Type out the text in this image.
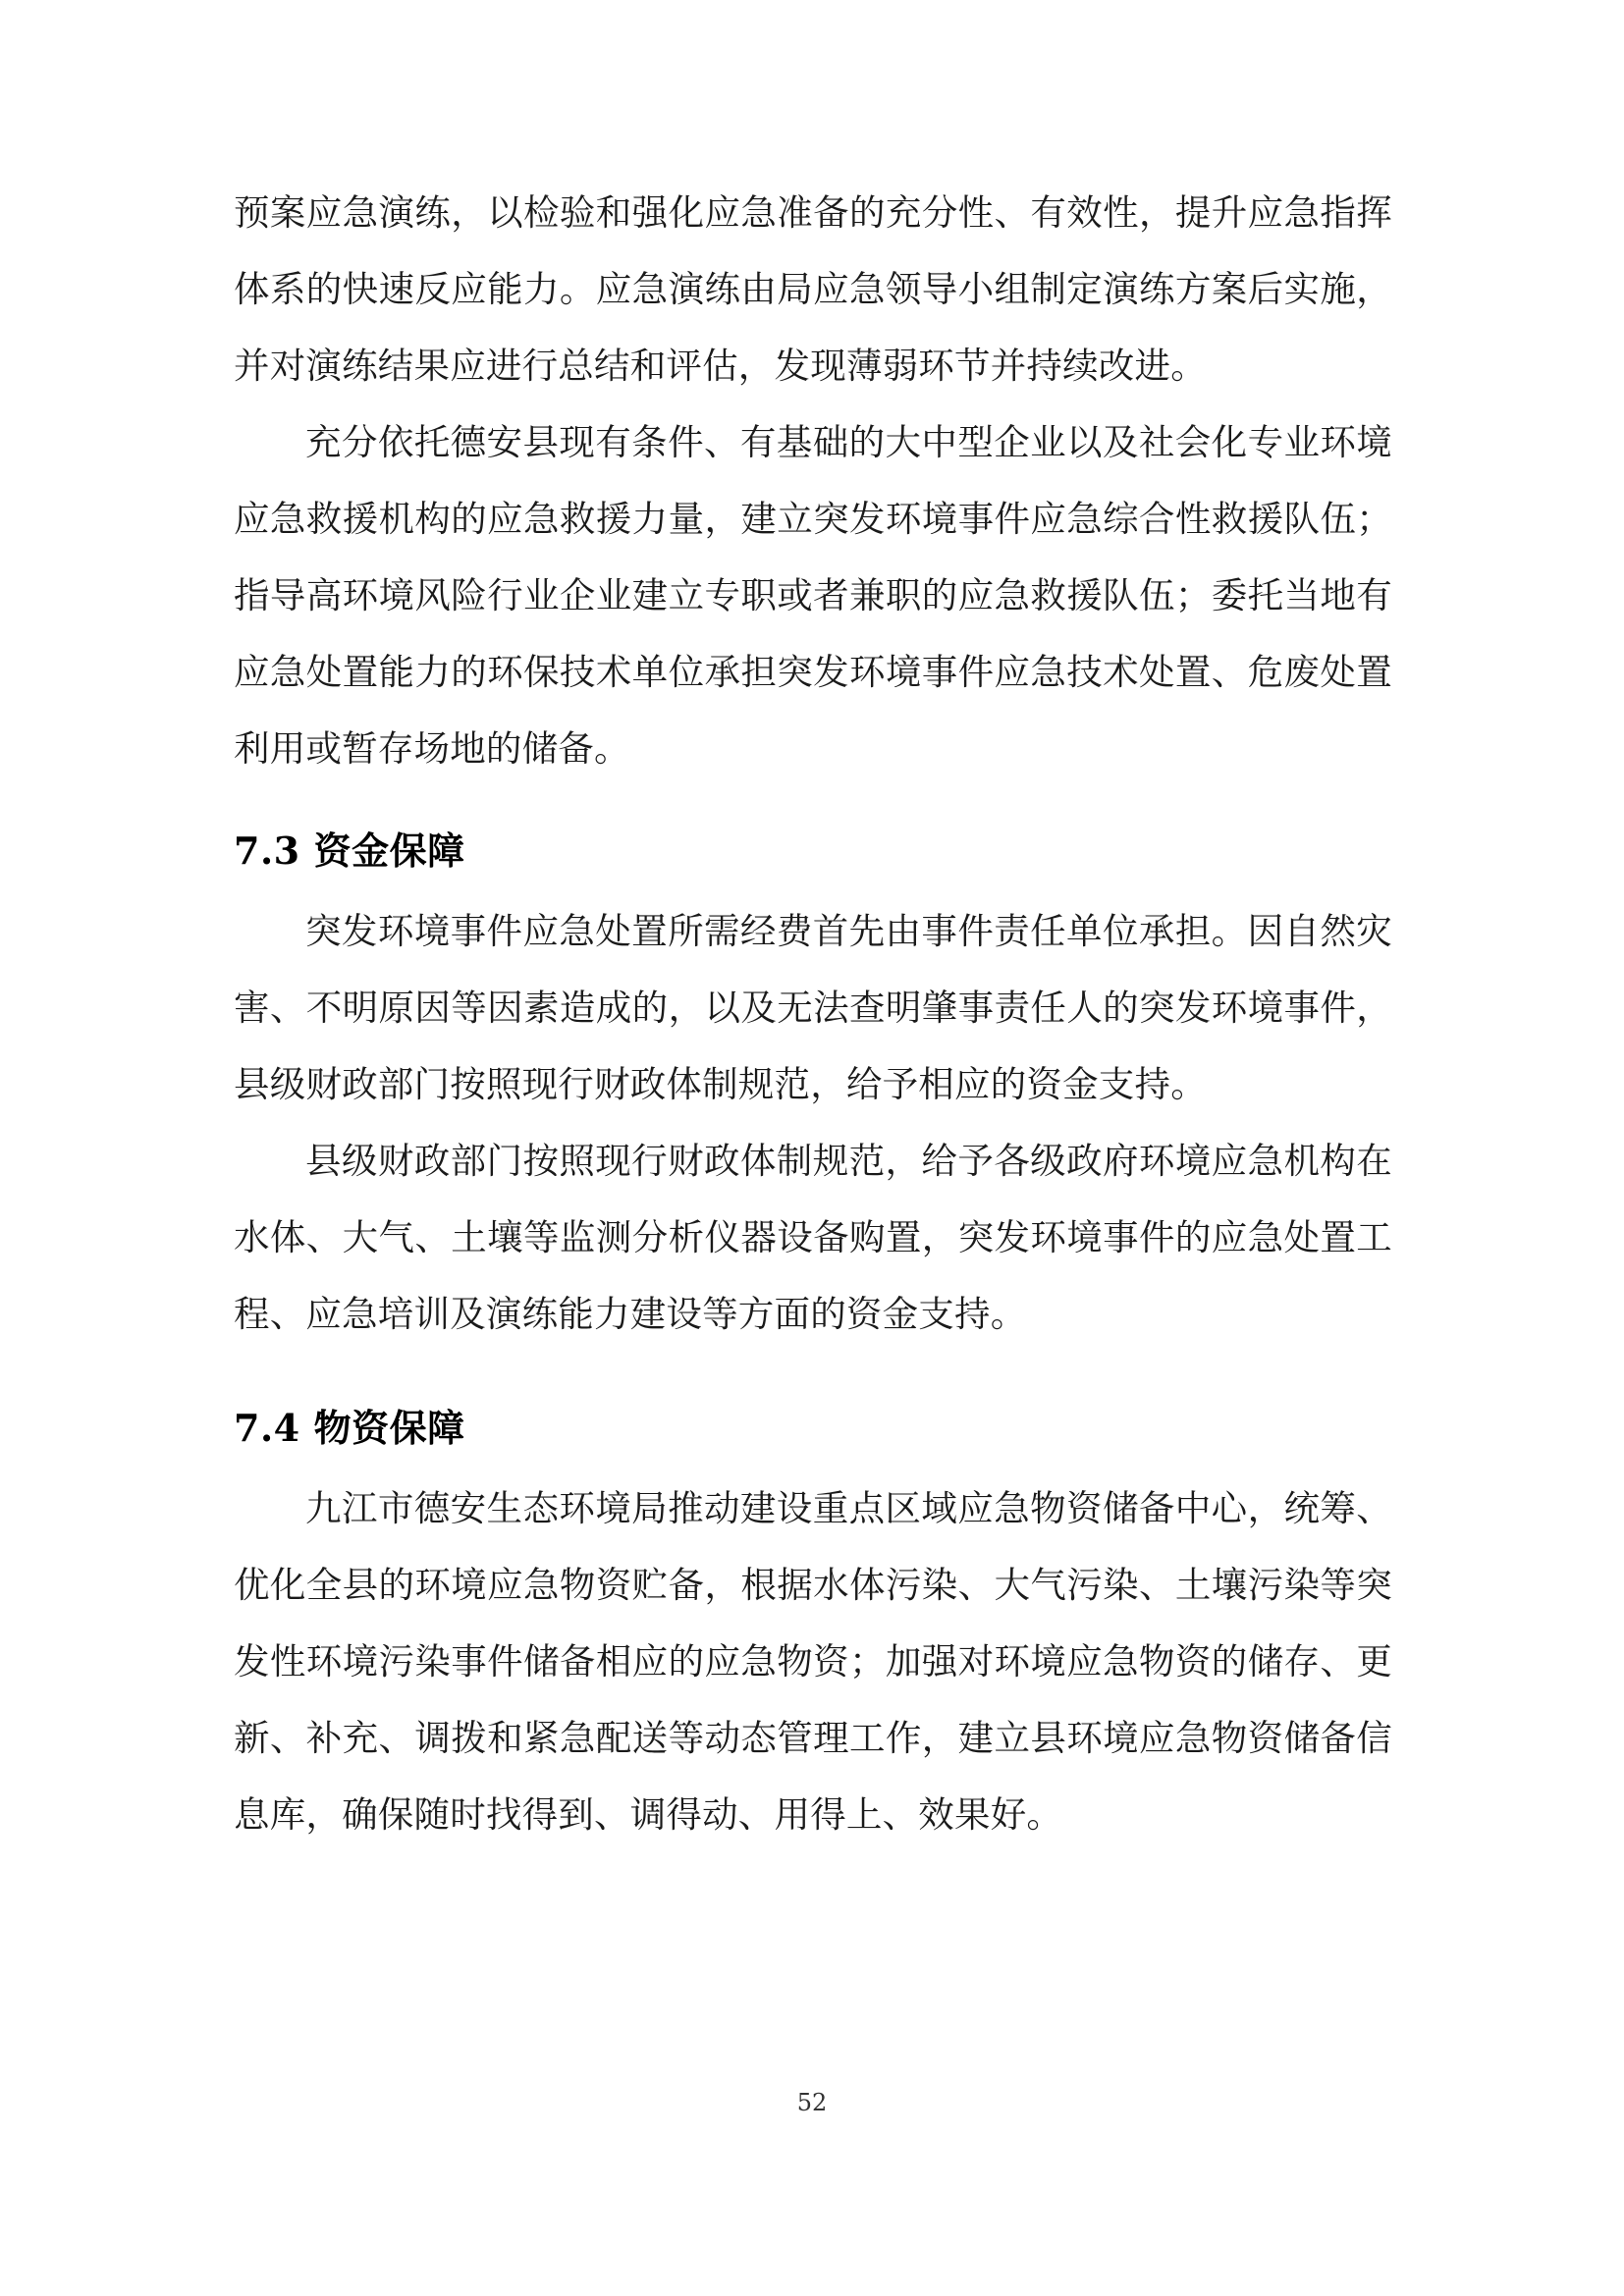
预案应急演练，以检验和强化应急准备的充分性、有效性，提升应急指挥体系的快速反应能力。应急演练由局应急领导小组制定演练方案后实施，并对演练结果应进行总结和评估，发现薄弱环节并持续改进。

充分依托德安县现有条件、有基础的大中型企业以及社会化专业环境应急救援机构的应急救援力量，建立突发环境事件应急综合性救援队伍；指导高环境风险行业企业建立专职或者兼职的应急救援队伍；委托当地有应急处置能力的环保技术单位承担突发环境事件应急技术处置、危废处置利用或暂存场地的储备。

7.3 资金保障

突发环境事件应急处置所需经费首先由事件责任单位承担。因自然灾害、不明原因等因素造成的，以及无法查明肇事责任人的突发环境事件，县级财政部门按照现行财政体制规范，给予相应的资金支持。

县级财政部门按照现行财政体制规范，给予各级政府环境应急机构在水体、大气、土壤等监测分析仪器设备购置，突发环境事件的应急处置工程、应急培训及演练能力建设等方面的资金支持。

7.4 物资保障

九江市德安生态环境局推动建设重点区域应急物资储备中心，统筹、优化全县的环境应急物资贮备，根据水体污染、大气污染、土壤污染等突发性环境污染事件储备相应的应急物资；加强对环境应急物资的储存、更新、补充、调拨和紧急配送等动态管理工作，建立县环境应急物资储备信息库，确保随时找得到、调得动、用得上、效果好。

52
